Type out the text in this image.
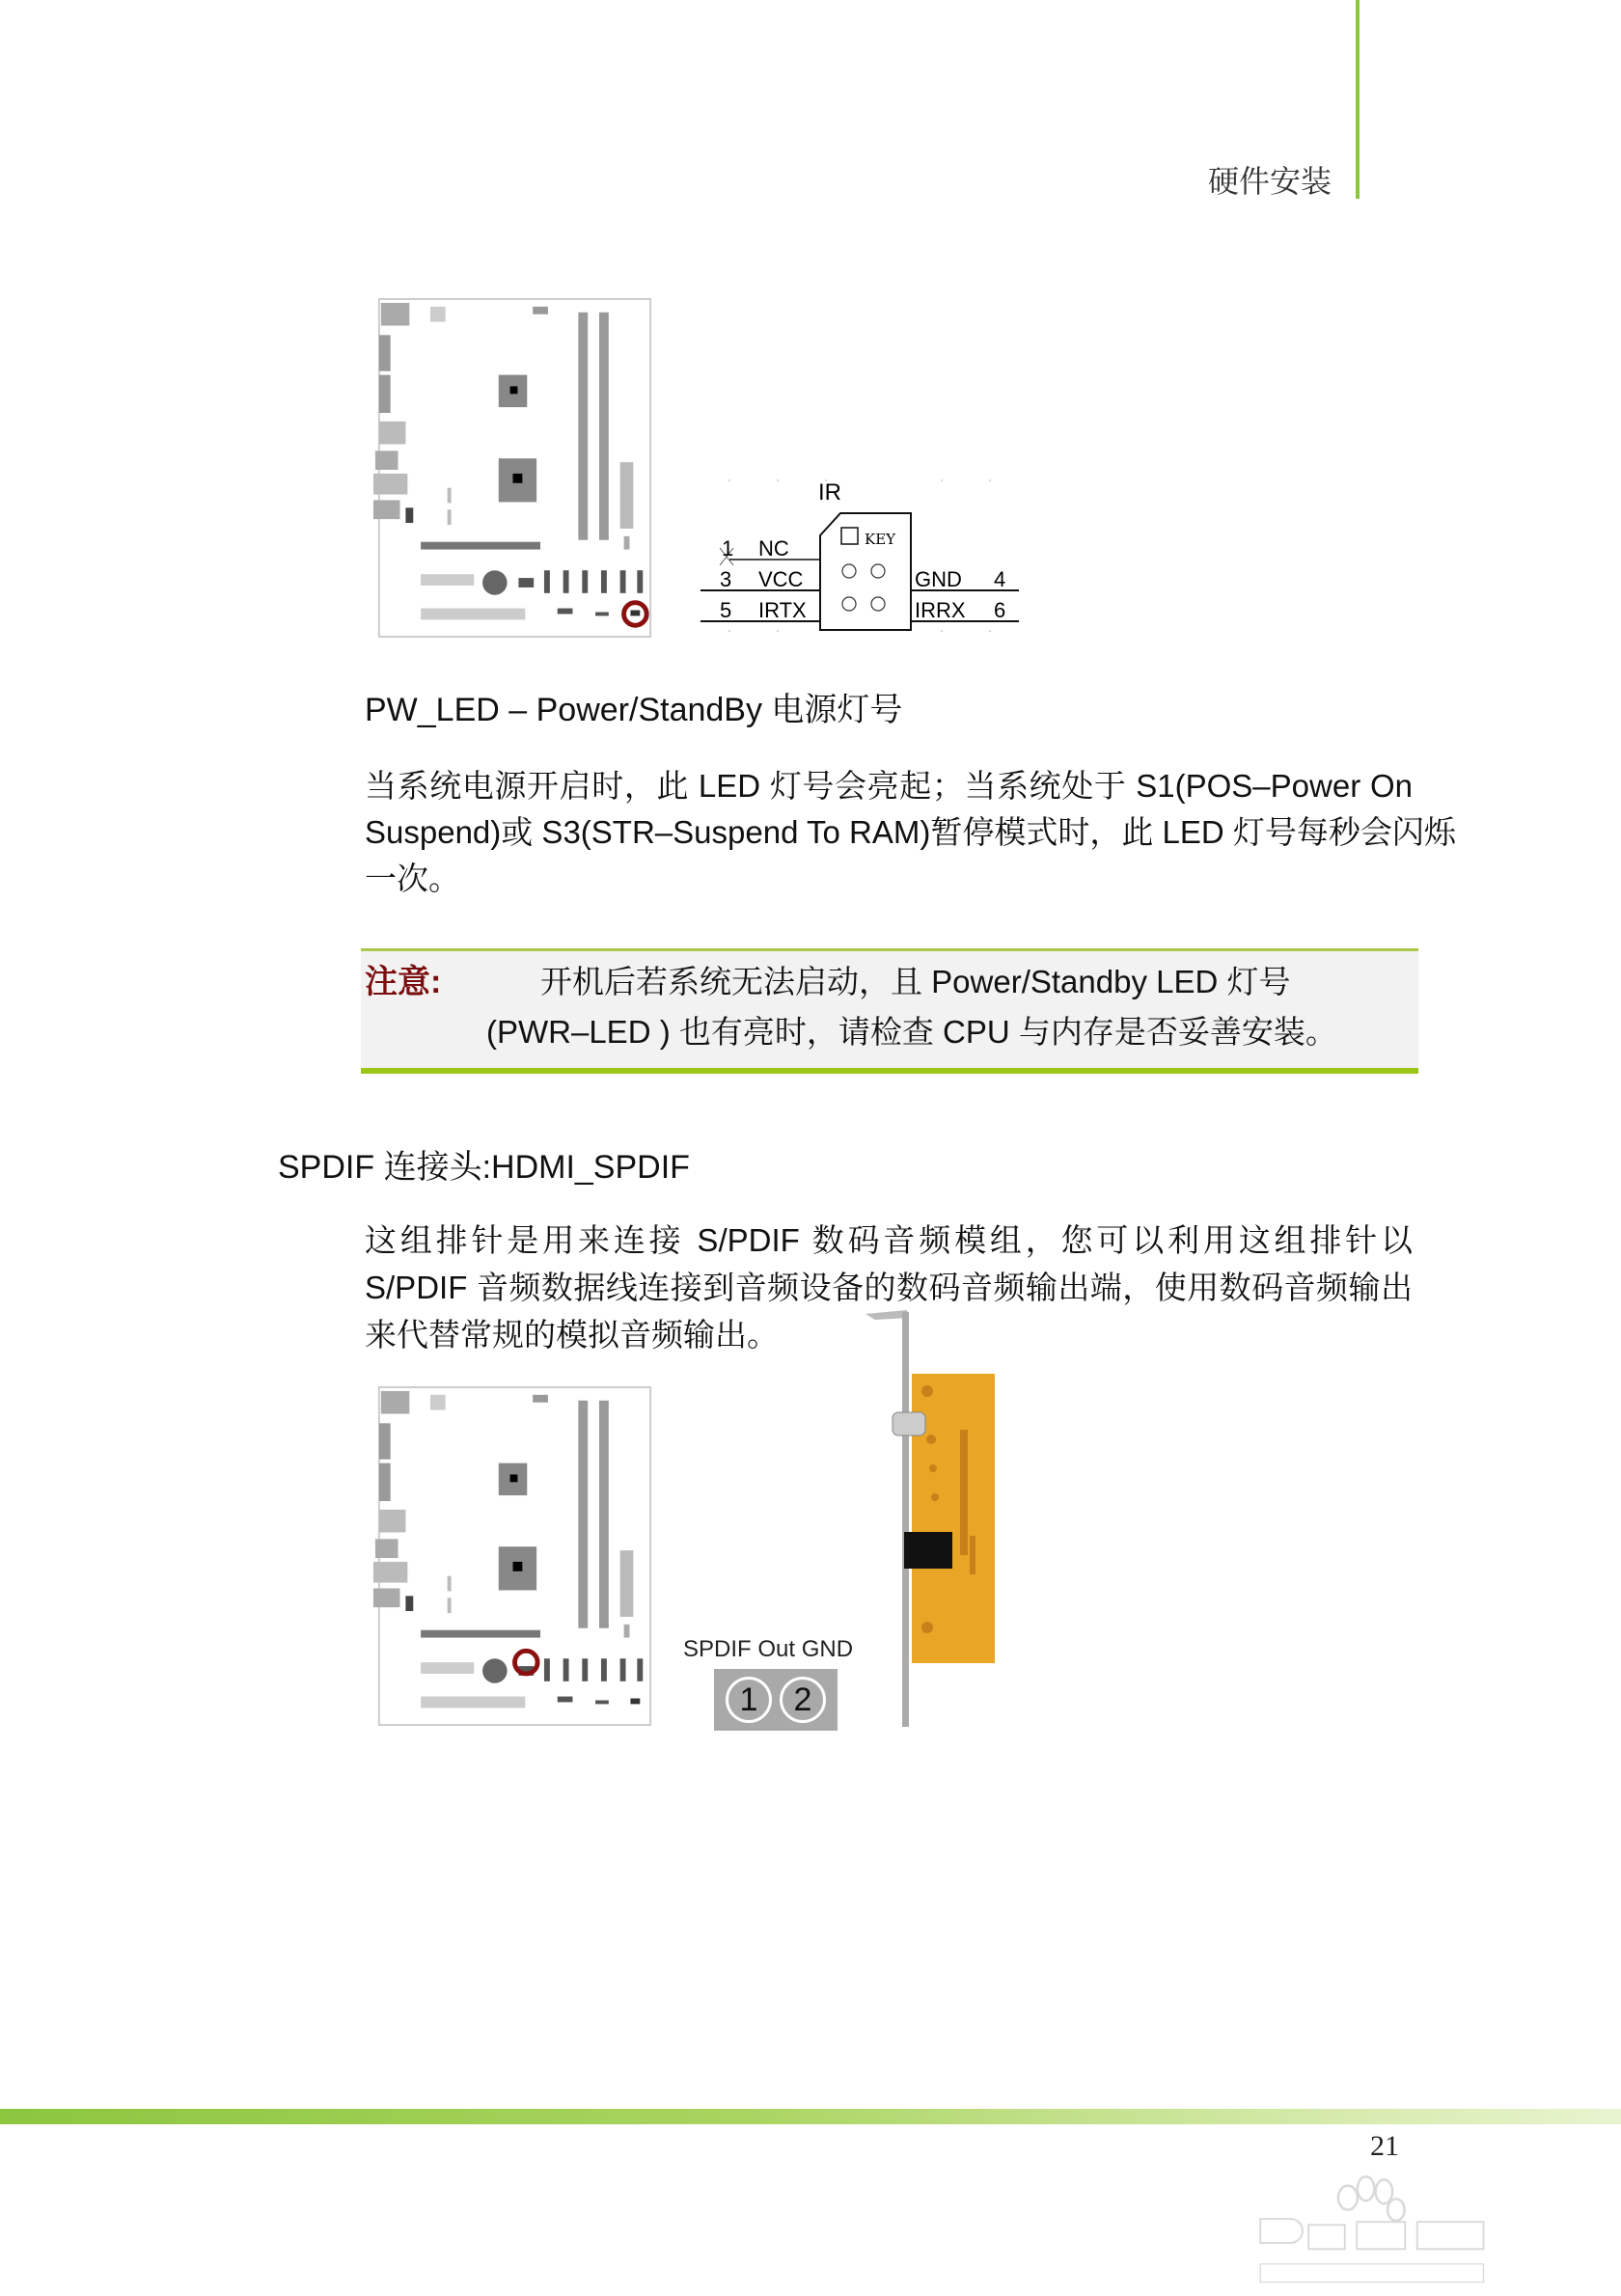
硬件安装
IR
KEY
1 NC
3 VCC
5 IRTX
GND 4
IRRX 6
PW_LED – Power/StandBy 电源灯号
当系统电源开启时，此 LED 灯号会亮起；当系统处于 S1(POS–Power On
Suspend)或 S3(STR–Suspend To RAM)暂停模式时，此 LED 灯号每秒会闪烁
一次。
注意:	开机后若系统无法启动，且 Power/Standby LED 灯号
(PWR–LED ) 也有亮时，请检查 CPU 与内存是否妥善安装。
SPDIF 连接头:HDMI_SPDIF
这组排针是用来连接 S/PDIF 数码音频模组，您可以利用这组排针以
S/PDIF 音频数据线连接到音频设备的数码音频输出端，使用数码音频输出
来代替常规的模拟音频输出。
SPDIF Out GND
1	2
21
